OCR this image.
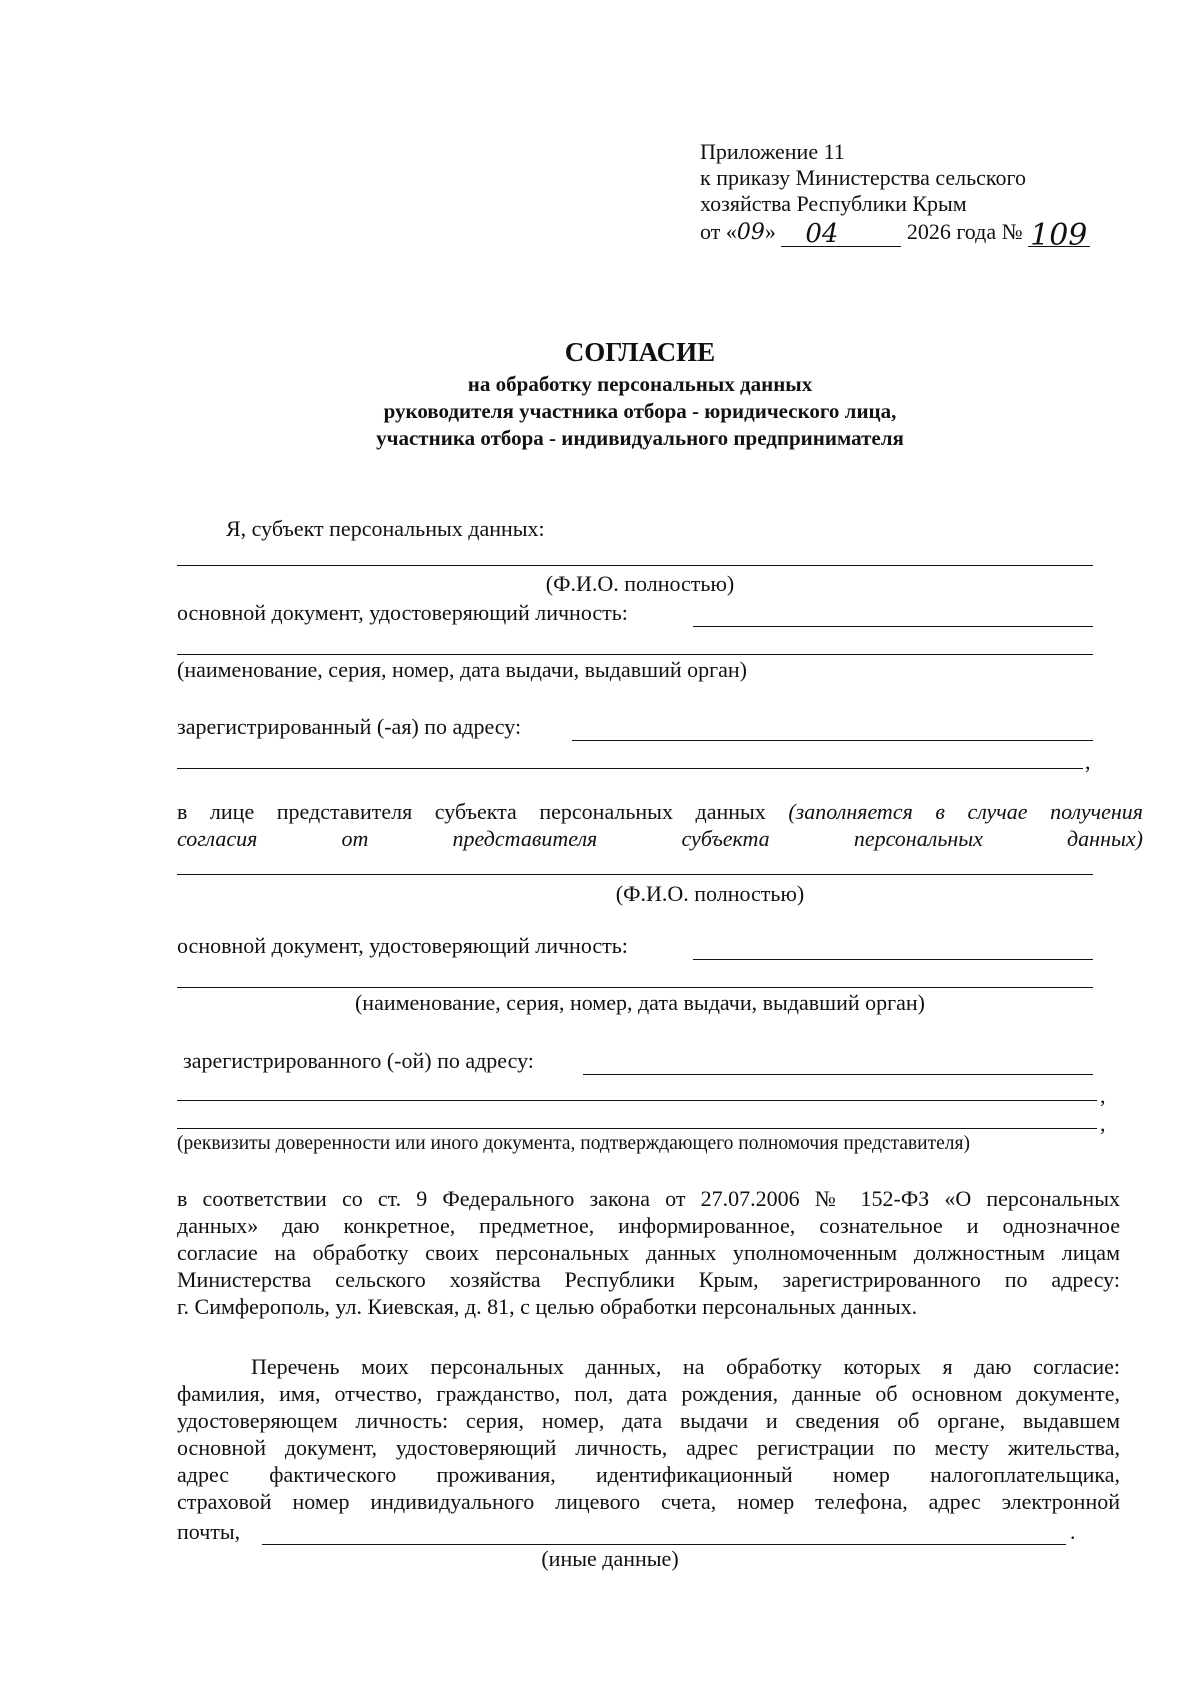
Приложение 11
к приказу Министерства сельского
хозяйства Республики Крым
от «09» 04	2026 года № 109
СОГЛАСИЕ
на обработку персональных данных
руководителя участника отбора - юридического лица,
участника отбора - индивидуального предпринимателя
Я, субъект персональных данных:
(Ф.И.О. полностью)
основной документ, удостоверяющий личность:
(наименование, серия, номер, дата выдачи, выдавший орган)
зарегистрированный (-ая) по адресу:
,
в лице представителя субъекта персональных данных (заполняется в случае получения
согласия	от	представителя	субъекта	персональных	данных)
(Ф.И.О. полностью)
основной документ, удостоверяющий личность:
(наименование, серия, номер, дата выдачи, выдавший орган)
зарегистрированного (-ой) по адресу:
,
,
(реквизиты доверенности или иного документа, подтверждающего полномочия представителя)
в соответствии со ст. 9 Федерального закона от 27.07.2006 № 152-ФЗ «О персональных
данных» даю конкретное, предметное, информированное, сознательное и однозначное
согласие на обработку своих персональных данных уполномоченным должностным лицам
Министерства сельского хозяйства Республики Крым, зарегистрированного по адресу:
г. Симферополь, ул. Киевская, д. 81, с целью обработки персональных данных.
Перечень моих персональных данных, на обработку которых я даю согласие:
фамилия, имя, отчество, гражданство, пол, дата рождения, данные об основном документе,
удостоверяющем личность: серия, номер, дата выдачи и сведения об органе, выдавшем
основной документ, удостоверяющий личность, адрес регистрации по месту жительства,
адрес фактического проживания, идентификационный номер налогоплательщика,
страховой номер индивидуального лицевого счета, номер телефона, адрес электронной
почты,	.
(иные данные)
